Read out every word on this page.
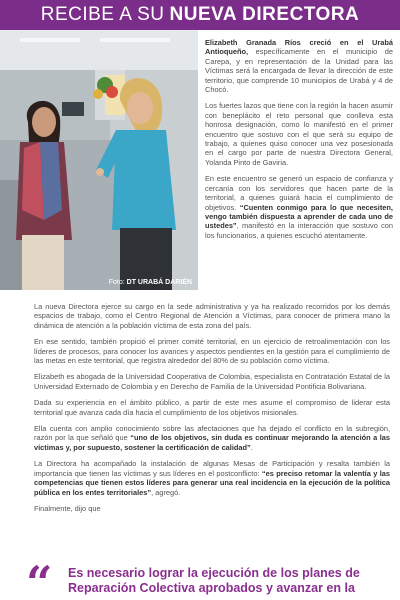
RECIBE A SU NUEVA DIRECTORA
Foto: DT URABÁ DARIÉN

Elizabeth Granada Ríos creció en el Urabá Antioqueño, específicamente en el municipio de Carepa, y en representación de la Unidad para las Víctimas será la encargada de llevar la dirección de este territorio, que comprende 10 municipios de Urabá y 4 de Chocó.

Los fuertes lazos que tiene con la región la hacen asumir con beneplácito el reto personal que conlleva esta honrosa designación, como lo manifestó en el primer encuentro que sostuvo con el que será su equipo de trabajo, a quienes quiso conocer una vez posesionada en el cargo por parte de nuestra Directora General, Yolanda Pinto de Gaviria.

En este encuentro se generó un espacio de confianza y cercanía con los servidores que hacen parte de la territorial, a quienes guiará hacia el cumplimiento de objetivos. “Cuenten conmigo para lo que necesiten, vengo también dispuesta a aprender de cada uno de ustedes”, manifestó en la interacción que sostuvo con los funcionarios, a quienes escuchó atentamente.

La nueva Directora ejerce su cargo en la sede administrativa y ya ha realizado recorridos por los demás espacios de trabajo, como el Centro Regional de Atención a Víctimas, para conocer de primera mano la dinámica de atención a la población víctima de esta zona del país.

En ese sentido, también propició el primer comité territorial, en un ejercicio de retroalimentación con los líderes de procesos, para conocer los avances y aspectos pendientes en la gestión para el cumplimiento de las metas en este territorial, que registra alrededor del 80% de su población como víctima.

Elizabeth es abogada de la Universidad Cooperativa de Colombia, especialista en Contratación Estatal de la Universidad Externado de Colombia y en Derecho de Familia de la Universidad Pontificia Bolivariana.

Dada su experiencia en el ámbito público, a partir de este mes asume el compromiso de liderar esta territorial que avanza cada día hacia el cumplimiento de los objetivos misionales.

Ella cuenta con amplio conocimiento sobre las afectaciones que ha dejado el conflicto en la subregión, razón por la que señaló que “uno de los objetivos, sin duda es continuar mejorando la atención a las víctimas y, por supuesto, sostener la certificación de calidad”.

La Directora ha acompañado la instalación de algunas Mesas de Participación y resalta también la importancia que tienen las víctimas y sus líderes en el postconflicto: “es preciso retomar la valentía y las competencias que tienen estos líderes para generar una real incidencia en la ejecución de la política pública en los entes territoriales”, agregó.

Finalmente, dijo que

“ Es necesario lograr la ejecución de los planes de Reparación Colectiva aprobados y avanzar en la
